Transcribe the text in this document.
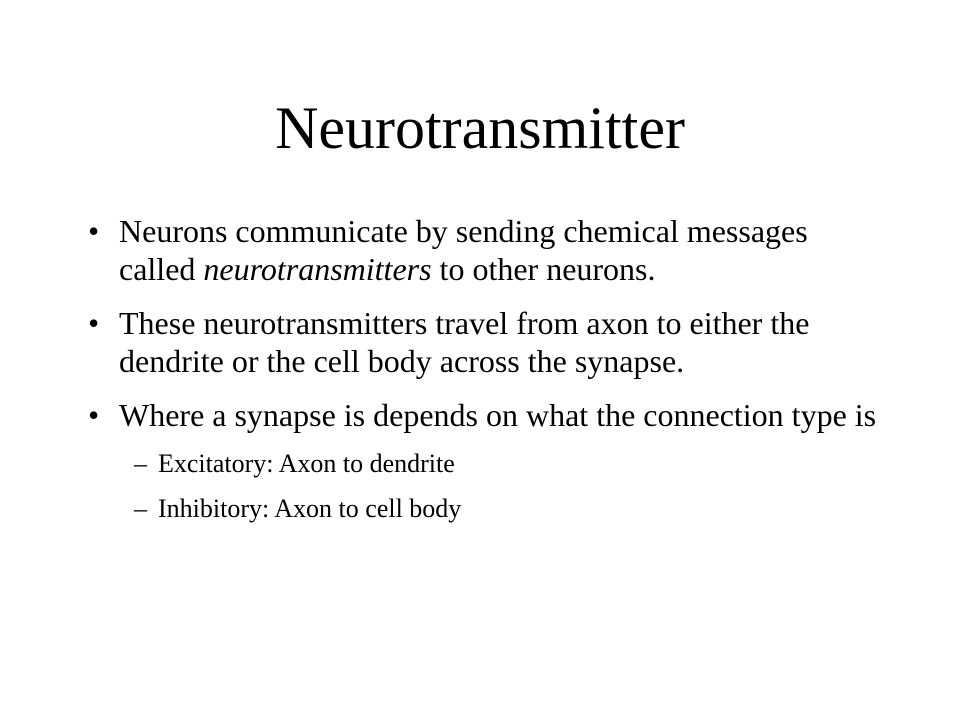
Neurotransmitter
• Neurons communicate by sending chemical messages called neurotransmitters to other neurons.
• These neurotransmitters travel from axon to either the dendrite or the cell body across the synapse.
• Where a synapse is depends on what the connection type is
– Excitatory: Axon to dendrite
– Inhibitory: Axon to cell body
